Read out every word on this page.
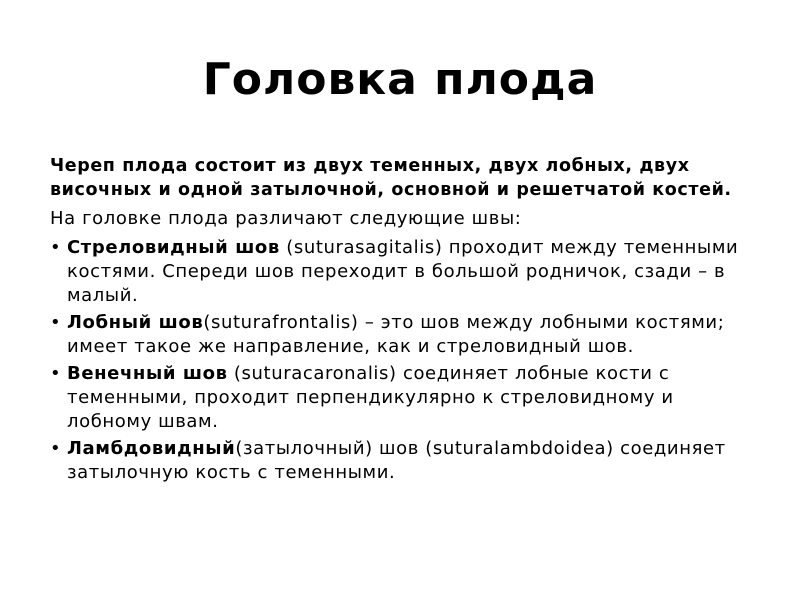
Головка плода

Череп плода состоит из двух теменных, двух лобных, двух височных и одной затылочной, основной и решетчатой костей.

На головке плода различают следующие швы:

• Стреловидный шов (suturasagitalis) проходит между теменными костями. Спереди шов переходит в большой родничок, сзади – в малый.
• Лобный шов(suturafrontalis) – это шов между лобными костями; имеет такое же направление, как и стреловидный шов.
• Венечный шов (suturacaronalis) соединяет лобные кости с теменными, проходит перпендикулярно к стреловидному и лобному швам.
• Ламбдовидный(затылочный) шов (suturalambdoidea) соединяет затылочную кость с теменными.
